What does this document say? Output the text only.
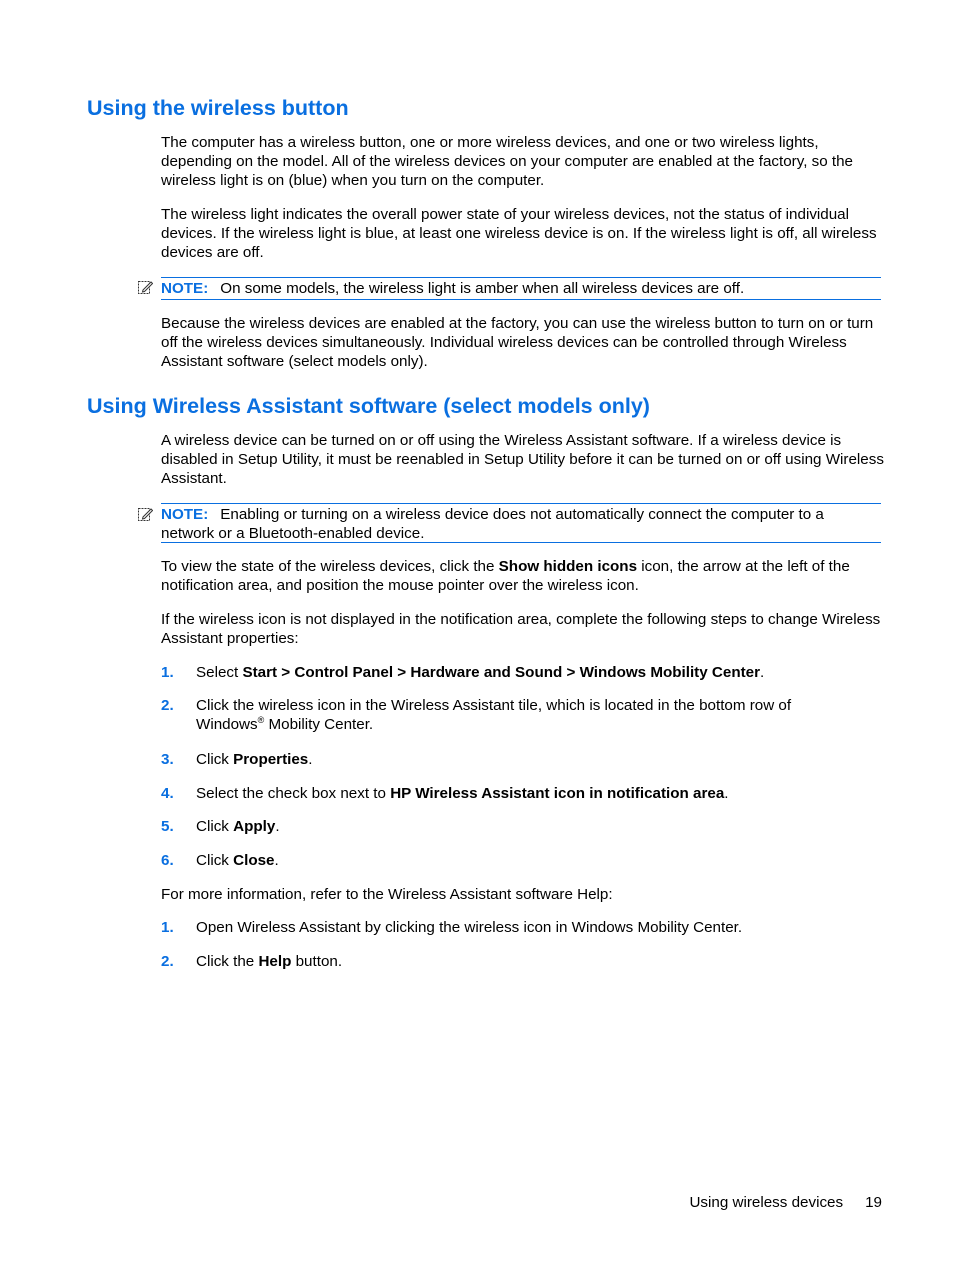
Using the wireless button

The computer has a wireless button, one or more wireless devices, and one or two wireless lights, depending on the model. All of the wireless devices on your computer are enabled at the factory, so the wireless light is on (blue) when you turn on the computer.

The wireless light indicates the overall power state of your wireless devices, not the status of individual devices. If the wireless light is blue, at least one wireless device is on. If the wireless light is off, all wireless devices are off.

NOTE: On some models, the wireless light is amber when all wireless devices are off.

Because the wireless devices are enabled at the factory, you can use the wireless button to turn on or turn off the wireless devices simultaneously. Individual wireless devices can be controlled through Wireless Assistant software (select models only).

Using Wireless Assistant software (select models only)

A wireless device can be turned on or off using the Wireless Assistant software. If a wireless device is disabled in Setup Utility, it must be reenabled in Setup Utility before it can be turned on or off using Wireless Assistant.

NOTE: Enabling or turning on a wireless device does not automatically connect the computer to a network or a Bluetooth-enabled device.

To view the state of the wireless devices, click the Show hidden icons icon, the arrow at the left of the notification area, and position the mouse pointer over the wireless icon.

If the wireless icon is not displayed in the notification area, complete the following steps to change Wireless Assistant properties:

1. Select Start > Control Panel > Hardware and Sound > Windows Mobility Center.
2. Click the wireless icon in the Wireless Assistant tile, which is located in the bottom row of Windows® Mobility Center.
3. Click Properties.
4. Select the check box next to HP Wireless Assistant icon in notification area.
5. Click Apply.
6. Click Close.

For more information, refer to the Wireless Assistant software Help:

1. Open Wireless Assistant by clicking the wireless icon in Windows Mobility Center.
2. Click the Help button.
Using wireless devices 19
